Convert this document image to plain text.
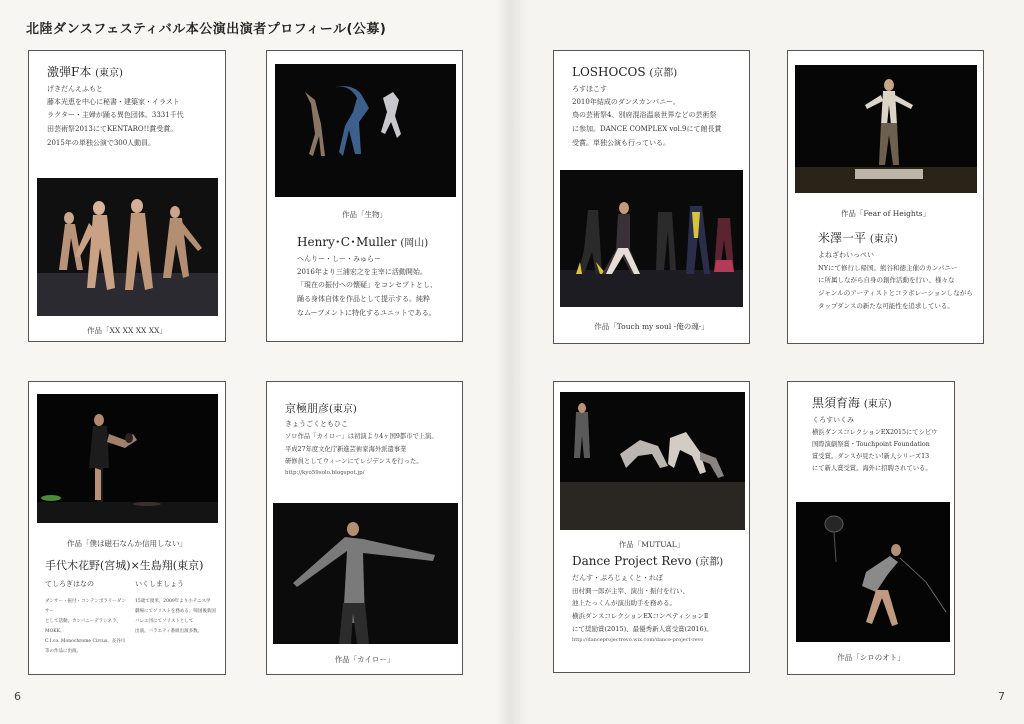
北陸ダンスフェスティバル本公演出演者プロフィール(公募)
激弾F本 (東京)
げきだんえふもと
藤本光恵を中心に秘書・建築家・イラスト
ラクター・主婦が踊る異色団体。3331千代
田芸術祭2013にてKENTARO!!賞受賞。
2015年の単独公演で300人動員。
作品「XX XX XX XX」
作品「生物」
Henry･C･Muller (岡山)
へんりー・しー・みゅらー
2016年より三浦宏之を主宰に活動開始。
「現在の振付への懐疑」をコンセプトとし、
踊る身体自体を作品として提示する。純粋
なムーブメントに特化するユニットである。
LOSHOCOS (京都)
ろすほこす
2010年結成のダンスカンパニー。
鳥の芸術祭4、別府混浴温泉世界などの芸術祭
に参加。DANCE COMPLEX vol.9にて館長賞
受賞。単独公演も行っている。
作品「Touch my soul -俺の魂-」
作品「Fear of Heights」
米澤一平 (東京)
よねざわいっぺい
NYにて修行し帰国。熊谷和徳主催のカンパニー
に所属しながら自身の創作活動を行い、様々な
ジャンルのアーティストとコラボレーションしながら
タップダンスの新たな可能性を追求している。
作品「僕は磁石なんか信用しない」
手代木花野(宮城)×生島翔(東京)
てしろぎはなの
ダンサー・振付・コンテンポラリーダンサー
として活動。カンパニーデラシネラ、MOKK、
C.I.co.,Monochrome Circus、長谷川
等の作品に出演。
いくしましょう
15歳で渡米。2009年より小テニス学
劇場にてソリストを務める。帰国後新国
バレエ団にてソリストとして
出演。バラエティ番組出演多数。
京極朋彦(東京)
きょうごくともひこ
ソロ作品「カイロー」は初演より4ヶ国9都市で上演。
平成27年度文化庁新進芸術家海外派遣事業
研修員としてウィーンにてレジデンスを行った。
http://kyo59solo.blogspot.jp/
作品「カイロー」
作品「MUTUAL」
Dance Project Revo (京都)
だんす・ぷろじぇくと・れぼ
田村興一郎が主宰、演出・振付を行い、
池上たっくんが演出助手を務める。
横浜ダンスコレクションEXコンペティションⅡ
にて奨励賞(2015)、最優秀新人賞受賞(2016)。
http://danceprojectrevo.wix.com/dance-project-revo
黒須育海 (東京)
くろすいくみ
横浜ダンスコレクションEX2015にてシビウ
国際演劇祭賞・Touchpoint Foundation
賞受賞。ダンスが見たい!新人シリーズ13
にて新人賞受賞。海外に招聘されている。
作品「シロのオト」
6	7
